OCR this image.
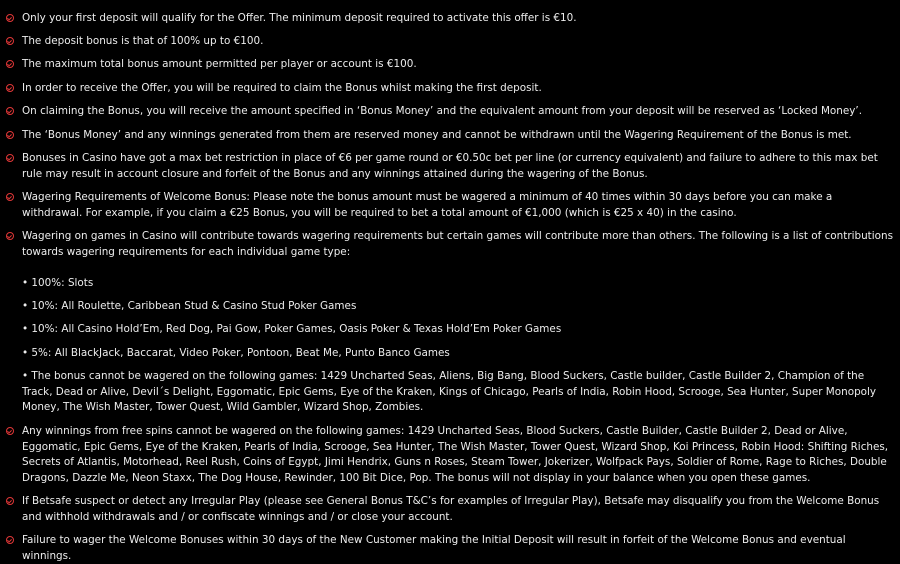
Only your first deposit will qualify for the Offer. The minimum deposit required to activate this offer is €10.
The deposit bonus is that of 100% up to €100.
The maximum total bonus amount permitted per player or account is €100.
In order to receive the Offer, you will be required to claim the Bonus whilst making the first deposit.
On claiming the Bonus, you will receive the amount specified in ‘Bonus Money’ and the equivalent amount from your deposit will be reserved as ‘Locked Money’.
The ‘Bonus Money’ and any winnings generated from them are reserved money and cannot be withdrawn until the Wagering Requirement of the Bonus is met.
Bonuses in Casino have got a max bet restriction in place of €6 per game round or €0.50c bet per line (or currency equivalent) and failure to adhere to this max bet rule may result in account closure and forfeit of the Bonus and any winnings attained during the wagering of the Bonus.
Wagering Requirements of Welcome Bonus: Please note the bonus amount must be wagered a minimum of 40 times within 30 days before you can make a withdrawal. For example, if you claim a €25 Bonus, you will be required to bet a total amount of €1,000 (which is €25 x 40) in the casino.
Wagering on games in Casino will contribute towards wagering requirements but certain games will contribute more than others. The following is a list of contributions towards wagering requirements for each individual game type:
• 100%: Slots
• 10%: All Roulette, Caribbean Stud & Casino Stud Poker Games
• 10%: All Casino Hold’Em, Red Dog, Pai Gow, Poker Games, Oasis Poker & Texas Hold’Em Poker Games
• 5%: All BlackJack, Baccarat, Video Poker, Pontoon, Beat Me, Punto Banco Games
• The bonus cannot be wagered on the following games: 1429 Uncharted Seas, Aliens, Big Bang, Blood Suckers, Castle builder, Castle Builder 2, Champion of the Track, Dead or Alive, Devil´s Delight, Eggomatic, Epic Gems, Eye of the Kraken, Kings of Chicago, Pearls of India, Robin Hood, Scrooge, Sea Hunter, Super Monopoly Money, The Wish Master, Tower Quest, Wild Gambler, Wizard Shop, Zombies.
Any winnings from free spins cannot be wagered on the following games: 1429 Uncharted Seas, Blood Suckers, Castle Builder, Castle Builder 2, Dead or Alive, Eggomatic, Epic Gems, Eye of the Kraken, Pearls of India, Scrooge, Sea Hunter, The Wish Master, Tower Quest, Wizard Shop, Koi Princess, Robin Hood: Shifting Riches, Secrets of Atlantis, Motorhead, Reel Rush, Coins of Egypt, Jimi Hendrix, Guns n Roses, Steam Tower, Jokerizer, Wolfpack Pays, Soldier of Rome, Rage to Riches, Double Dragons, Dazzle Me, Neon Staxx, The Dog House, Rewinder, 100 Bit Dice, Pop. The bonus will not display in your balance when you open these games.
If Betsafe suspect or detect any Irregular Play (please see General Bonus T&C’s for examples of Irregular Play), Betsafe may disqualify you from the Welcome Bonus and withhold withdrawals and / or confiscate winnings and / or close your account.
Failure to wager the Welcome Bonuses within 30 days of the New Customer making the Initial Deposit will result in forfeit of the Welcome Bonus and eventual winnings.
